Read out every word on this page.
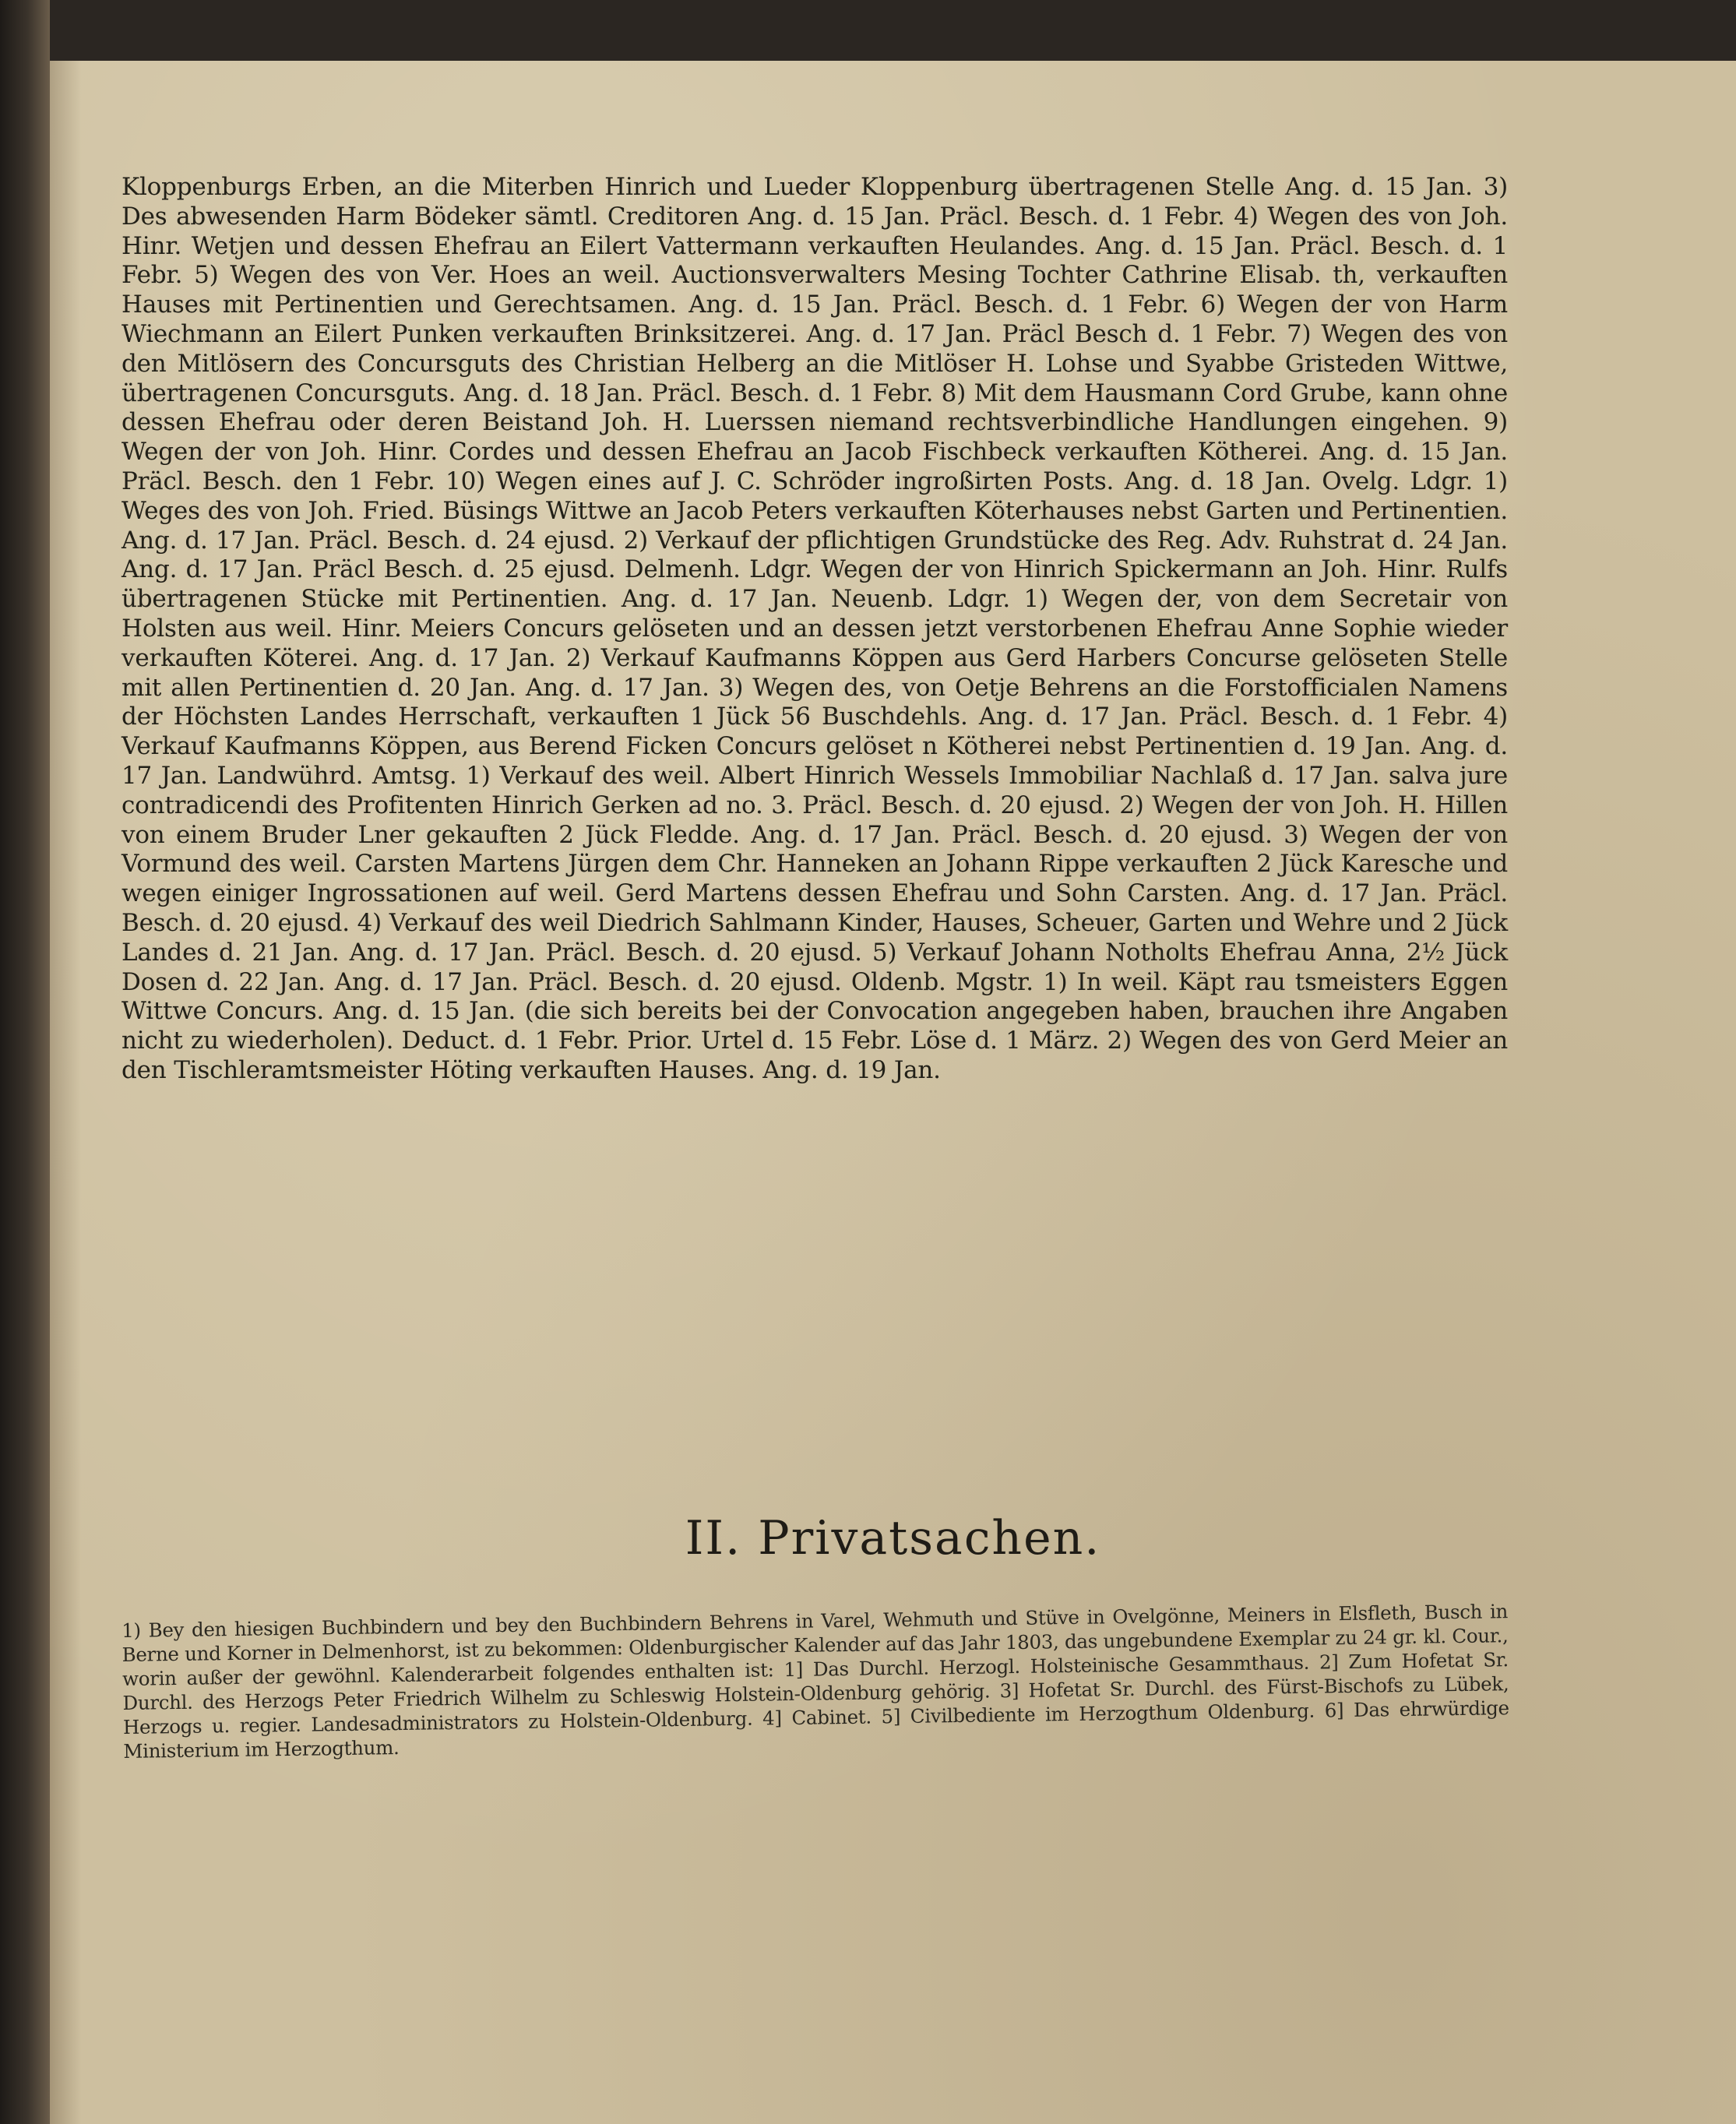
Kloppenburgs Erben, an die Miterben Hinrich und Lueder Kloppenburg übertragenen Stelle Ang. d. 15 Jan. 3) Des abwesenden Harm Bödeker sämtl. Creditoren Ang. d. 15 Jan. Präcl. Besch. d. 1 Febr. 4) Wegen des von Joh. Hinr. Wetjen und dessen Ehefrau an Eilert Vattermann verkauften Heulandes. Ang. d. 15 Jan. Präcl. Besch. d. 1 Febr. 5) Wegen des von Ver. Hoes an weil. Auctionsverwalters Mesing Tochter Cathrine Elisab. th, verkauften Hauses mit Pertinentien und Gerechtsamen. Ang. d. 15 Jan. Präcl. Besch. d. 1 Febr. 6) Wegen der von Harm Wiechmann an Eilert Punken verkauften Brinksitzerei. Ang. d. 17 Jan. Präcl Besch d. 1 Febr. 7) Wegen des von den Mitlösern des Concursguts des Christian Helberg an die Mitlöser H. Lohse und Syabbe Gristeden Wittwe, übertragenen Concursguts. Ang. d. 18 Jan. Präcl. Besch. d. 1 Febr. 8) Mit dem Hausmann Cord Grube, kann ohne dessen Ehefrau oder deren Beistand Joh. H. Luerssen niemand rechtsverbindliche Handlungen eingehen. 9) Wegen der von Joh. Hinr. Cordes und dessen Ehefrau an Jacob Fischbeck verkauften Kötherei. Ang. d. 15 Jan. Präcl. Besch. den 1 Febr. 10) Wegen eines auf J. C. Schröder ingroßirten Posts. Ang. d. 18 Jan. Ovelg. Ldgr. 1) Weges des von Joh. Fried. Büsings Wittwe an Jacob Peters verkauften Köterhauses nebst Garten und Pertinentien. Ang. d. 17 Jan. Präcl. Besch. d. 24 ejusd. 2) Verkauf der pflichtigen Grundstücke des Reg. Adv. Ruhstrat d. 24 Jan. Ang. d. 17 Jan. Präcl Besch. d. 25 ejusd. Delmenh. Ldgr. Wegen der von Hinrich Spickermann an Joh. Hinr. Rulfs übertragenen Stücke mit Pertinentien. Ang. d. 17 Jan. Neuenb. Ldgr. 1) Wegen der, von dem Secretair von Holsten aus weil. Hinr. Meiers Concurs gelöseten und an dessen jetzt verstorbenen Ehefrau Anne Sophie wieder verkauften Köterei. Ang. d. 17 Jan. 2) Verkauf Kaufmanns Köppen aus Gerd Harbers Concurse gelöseten Stelle mit allen Pertinentien d. 20 Jan. Ang. d. 17 Jan. 3) Wegen des, von Oetje Behrens an die Forstofficialen Namens der Höchsten Landes Herrschaft, verkauften 1 Jück 56 Buschdehls. Ang. d. 17 Jan. Präcl. Besch. d. 1 Febr. 4) Verkauf Kaufmanns Köppen, aus Berend Ficken Concurs gelöset n Kötherei nebst Pertinentien d. 19 Jan. Ang. d. 17 Jan. Landwührd. Amtsg. 1) Verkauf des weil. Albert Hinrich Wessels Immobiliar Nachlaß d. 17 Jan. salva jure contradicendi des Profitenten Hinrich Gerken ad no. 3. Präcl. Besch. d. 20 ejusd. 2) Wegen der von Joh. H. Hillen von einem Bruder Lner gekauften 2 Jück Fledde. Ang. d. 17 Jan. Präcl. Besch. d. 20 ejusd. 3) Wegen der von Vormund des weil. Carsten Martens Jürgen dem Chr. Hanneken an Johann Rippe verkauften 2 Jück Karesche und wegen einiger Ingrossationen auf weil. Gerd Martens dessen Ehefrau und Sohn Carsten. Ang. d. 17 Jan. Präcl. Besch. d. 20 ejusd. 4) Verkauf des weil Diedrich Sahlmann Kinder, Hauses, Scheuer, Garten und Wehre und 2 Jück Landes d. 21 Jan. Ang. d. 17 Jan. Präcl. Besch. d. 20 ejusd. 5) Verkauf Johann Notholts Ehefrau Anna, 2½ Jück Dosen d. 22 Jan. Ang. d. 17 Jan. Präcl. Besch. d. 20 ejusd. Oldenb. Mgstr. 1) In weil. Käpt rau tsmeisters Eggen Wittwe Concurs. Ang. d. 15 Jan. (die sich bereits bei der Convocation angegeben haben, brauchen ihre Angaben nicht zu wiederholen). Deduct. d. 1 Febr. Prior. Urtel d. 15 Febr. Löse d. 1 März. 2) Wegen des von Gerd Meier an den Tischleramtsmeister Höting verkauften Hauses. Ang. d. 19 Jan.
II. Privatsachen.
1) Bey den hiesigen Buchbindern und bey den Buchbindern Behrens in Varel, Wehmuth und Stüve in Ovelgönne, Meiners in Elsfleth, Busch in Berne und Korner in Delmenhorst, ist zu bekommen: Oldenburgischer Kalender auf das Jahr 1803, das ungebundene Exemplar zu 24 gr. kl. Cour., worin außer der gewöhnl. Kalenderarbeit folgendes enthalten ist: 1] Das Durchl. Herzogl. Holsteinische Gesammthaus. 2] Zum Hofetat Sr. Durchl. des Herzogs Peter Friedrich Wilhelm zu Schleswig Holstein-Oldenburg gehörig. 3] Hofetat Sr. Durchl. des Fürst-Bischofs zu Lübek, Herzogs u. regier. Landesadministrators zu Holstein-Oldenburg. 4] Cabinet. 5] Civilbediente im Herzogthum Oldenburg. 6] Das ehrwürdige Ministerium im Herzogthum.
